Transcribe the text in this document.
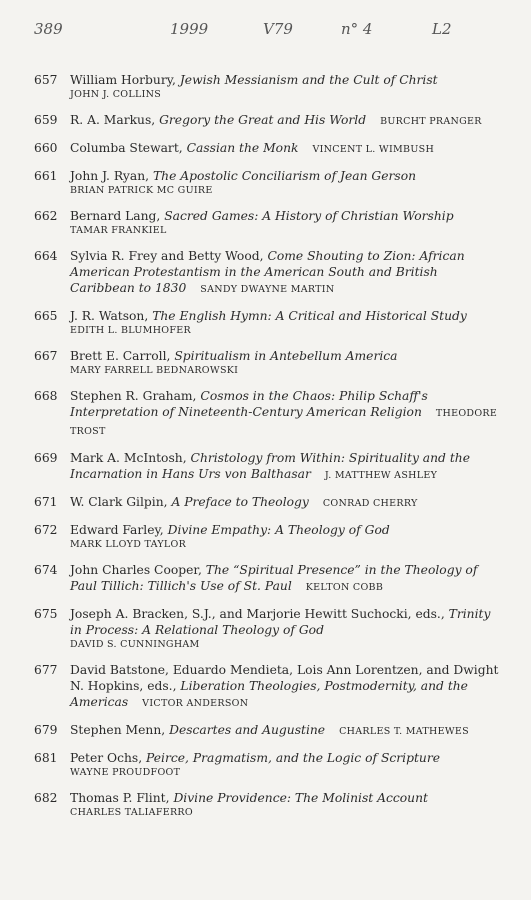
389	1999	V79	n° 4	L2
657	William Horbury, Jewish Messianism and the Cult of Christ
JOHN J. COLLINS
659	R. A. Markus, Gregory the Great and His World BURCHT PRANGER
660	Columba Stewart, Cassian the Monk VINCENT L. WIMBUSH
661	John J. Ryan, The Apostolic Conciliarism of Jean Gerson
BRIAN PATRICK MC GUIRE
662	Bernard Lang, Sacred Games: A History of Christian Worship
TAMAR FRANKIEL
664	Sylvia R. Frey and Betty Wood, Come Shouting to Zion: African American Protestantism in the American South and British Caribbean to 1830 SANDY DWAYNE MARTIN
665	J. R. Watson, The English Hymn: A Critical and Historical Study
EDITH L. BLUMHOFER
667	Brett E. Carroll, Spiritualism in Antebellum America
MARY FARRELL BEDNAROWSKI
668	Stephen R. Graham, Cosmos in the Chaos: Philip Schaff's Interpretation of Nineteenth-Century American Religion THEODORE TROST
669	Mark A. McIntosh, Christology from Within: Spirituality and the Incarnation in Hans Urs von Balthasar J. MATTHEW ASHLEY
671	W. Clark Gilpin, A Preface to Theology CONRAD CHERRY
672	Edward Farley, Divine Empathy: A Theology of God
MARK LLOYD TAYLOR
674	John Charles Cooper, The “Spiritual Presence” in the Theology of Paul Tillich: Tillich's Use of St. Paul KELTON COBB
675	Joseph A. Bracken, S.J., and Marjorie Hewitt Suchocki, eds., Trinity in Process: A Relational Theology of God
DAVID S. CUNNINGHAM
677	David Batstone, Eduardo Mendieta, Lois Ann Lorentzen, and Dwight N. Hopkins, eds., Liberation Theologies, Postmodernity, and the Americas VICTOR ANDERSON
679	Stephen Menn, Descartes and Augustine CHARLES T. MATHEWES
681	Peter Ochs, Peirce, Pragmatism, and the Logic of Scripture
WAYNE PROUDFOOT
682	Thomas P. Flint, Divine Providence: The Molinist Account
CHARLES TALIAFERRO
